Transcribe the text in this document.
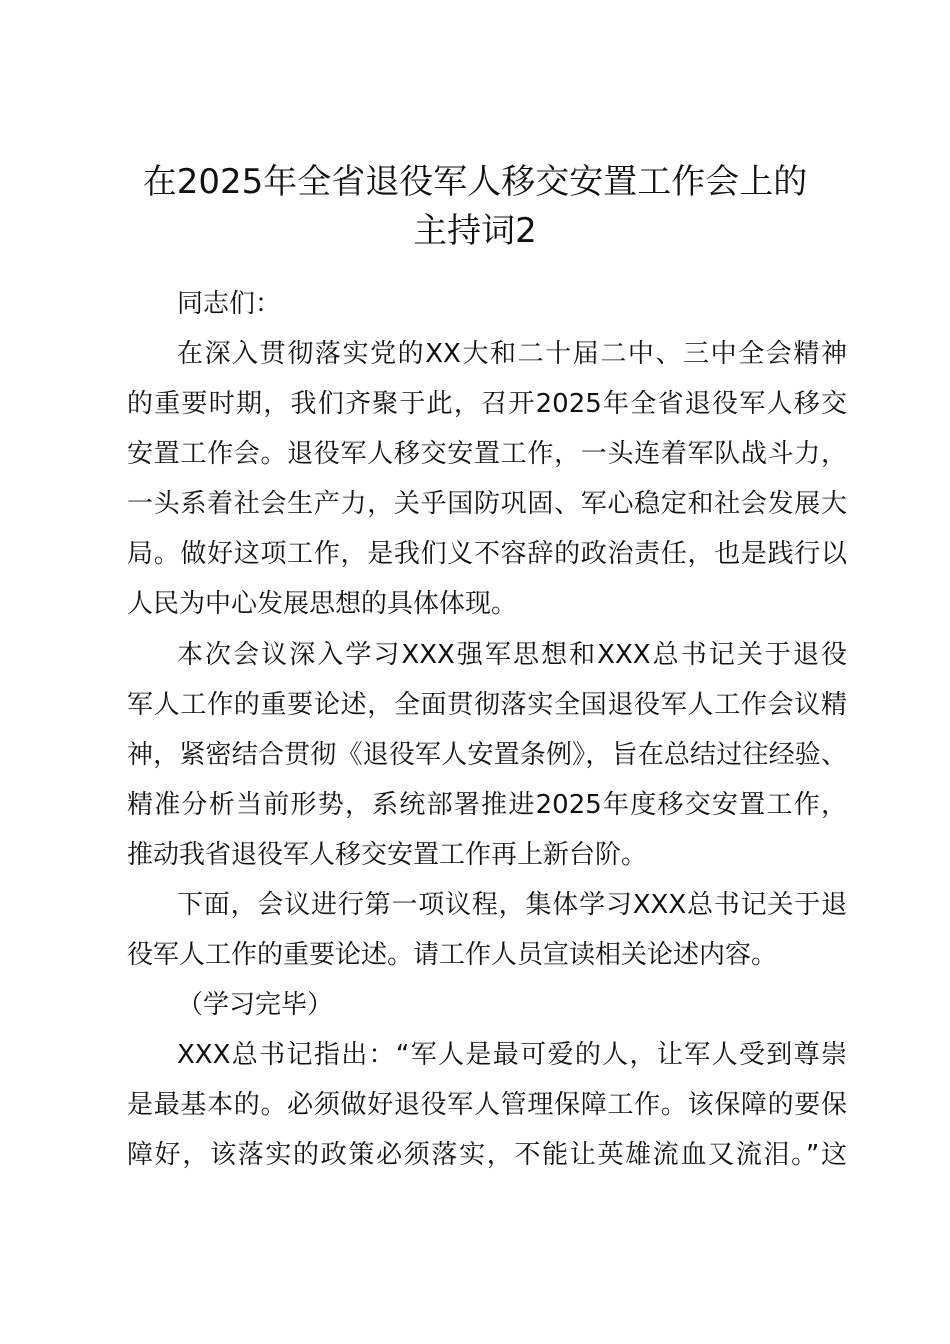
在2025年全省退役军人移交安置工作会上的
主持词2
同志们：
在深入贯彻落实党的XX大和二十届二中、三中全会精神
的重要时期，我们齐聚于此，召开2025年全省退役军人移交
安置工作会。退役军人移交安置工作，一头连着军队战斗力，
一头系着社会生产力，关乎国防巩固、军心稳定和社会发展大
局。做好这项工作，是我们义不容辞的政治责任，也是践行以
人民为中心发展思想的具体体现。
本次会议深入学习XXX强军思想和XXX总书记关于退役
军人工作的重要论述，全面贯彻落实全国退役军人工作会议精
神，紧密结合贯彻《退役军人安置条例》，旨在总结过往经验、
精准分析当前形势，系统部署推进2025年度移交安置工作，
推动我省退役军人移交安置工作再上新台阶。
下面，会议进行第一项议程，集体学习XXX总书记关于退
役军人工作的重要论述。请工作人员宣读相关论述内容。
（学习完毕）
XXX总书记指出：“军人是最可爱的人，让军人受到尊崇
是最基本的。必须做好退役军人管理保障工作。该保障的要保
障好，该落实的政策必须落实，不能让英雄流血又流泪。”这
